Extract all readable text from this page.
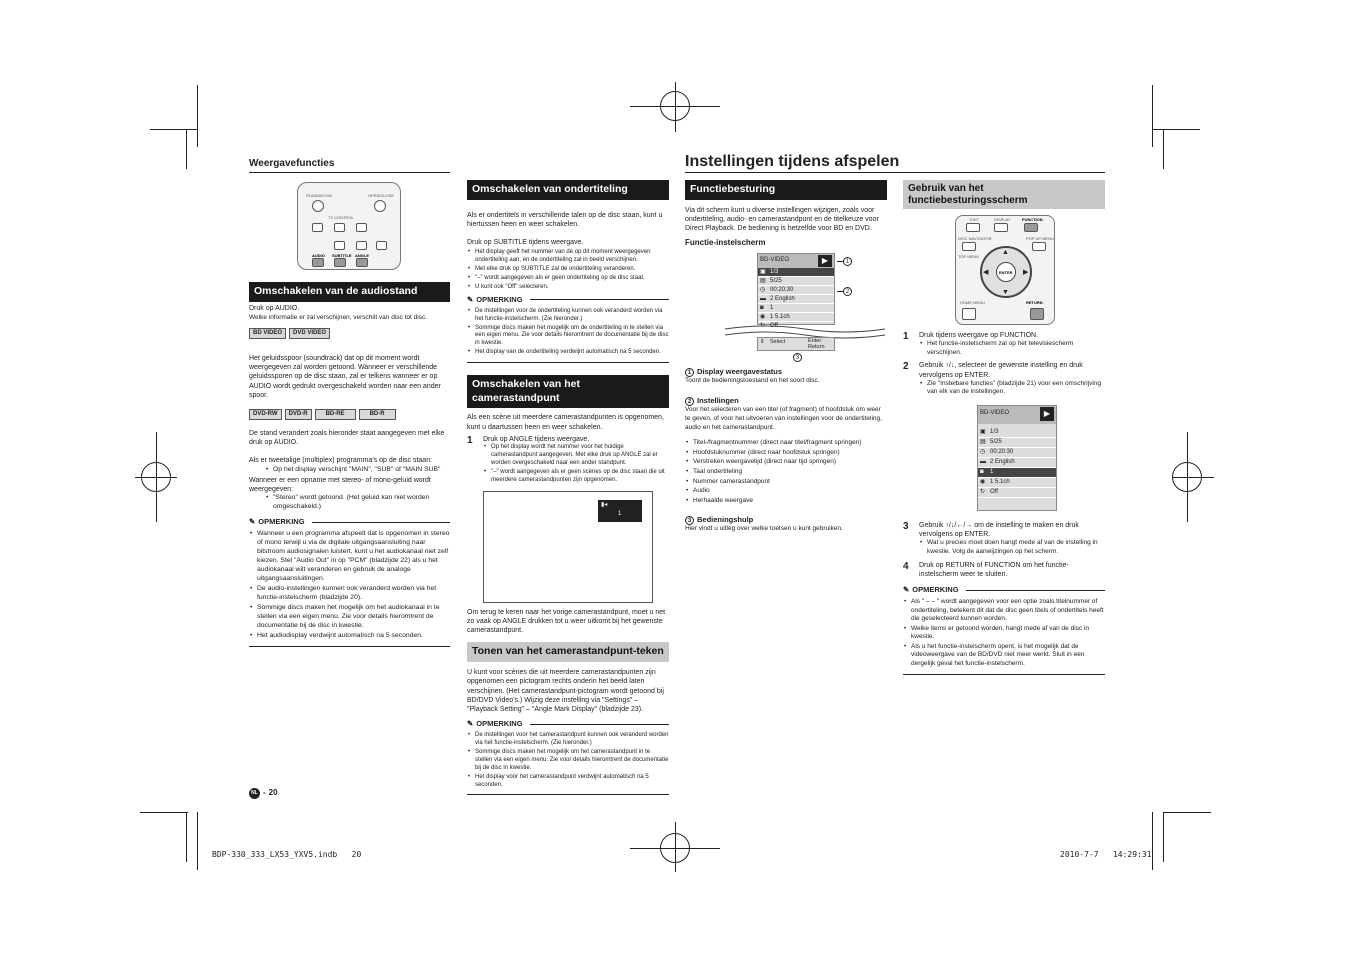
Weergavefuncties	Instellingen tijdens afspelen
STANDBY/ON	OPEN/CLOSE
TV CONTROL
AUDIO SUBTITLE ANGLE
Omschakelen van de audiostand

Druk op AUDIO.

Welke informatie er zal verschijnen, verschilt van disc tot disc.

BD VIDEO DVD VIDEO

Het geluidsspoor (soundtrack) dat op dit moment wordt weergegeven zal worden getoond. Wanneer er verschillende geluidssporen op de disc staan, zal er telkens wanneer er op AUDIO wordt gedrukt overgeschakeld worden naar een ander spoor.

DVD-RW DVD-R	BD-RE	BD-R

De stand verandert zoals hieronder staat aangegeven met elke druk op AUDIO.

Als er tweetalige (multiplex) programma's op de disc staan:

• Op het display verschijnt "MAIN", "SUB" of "MAIN SUB"

Wanneer er een opname met stereo- of mono-geluid wordt weergegeven:

• "Stereo" wordt getoond. (Het geluid kan niet worden omgeschakeld.)
✎ OPMERKING
• Wanneer u een programma afspeelt dat is opgenomen in stereo of mono terwijl u via de digitale uitgangsaansluiting naar bitstroom audiosignalen luistert, kunt u het audiokanaal niet zelf kiezen. Stel "Audio Out" in op "PCM" (bladzijde 22) als u het audiokanaal wilt veranderen en gebruik de analoge uitgangsaansluitingen.
• De audio-instellingen kunnen ook veranderd worden via het functie-instelscherm (bladzijde 20).
• Sommige discs maken het mogelijk om het audiokanaal in te stellen via een eigen menu. Zie voor details hieromtrent de documentatie bij de disc in kwestie.
• Het audiodisplay verdwijnt automatisch na 5 seconden.
NL - 20
Omschakelen van ondertiteling

Als er ondertitels in verschillende talen op de disc staan, kunt u hiertussen heen en weer schakelen.

Druk op SUBTITLE tijdens weergave.

• Het display geeft het nummer van de op dit moment weergegeven ondertiteling aan, en de ondertiteling zal in beeld verschijnen.
• Met elke druk op SUBTITLE zal de ondertiteling veranderen.
• "–" wordt aangegeven als er geen ondertiteling op de disc staat.
• U kunt ook "Off" selecteren.
✎ OPMERKING
• De instellingen voor de ondertiteling kunnen ook veranderd worden via het functie-instelscherm. (Zie hieronder.)
• Sommige discs maken het mogelijk om de ondertiteling in te stellen via een eigen menu. Zie voor details hieromtrent de documentatie bij de disc in kwestie.
• Het display van de ondertiteling verdwijnt automatisch na 5 seconden.
Omschakelen van het camerastandpunt

Als een scène uit meerdere camerastandpunten is opgenomen, kunt u daartussen heen en weer schakelen.

1 Druk op ANGLE tijdens weergave.
• Op het display wordt het nummer voor het huidige camerastandpunt aangegeven. Met elke druk op ANGLE zal er worden overgeschakeld naar een ander standpunt.
• "–" wordt aangegeven als er geen scènes op de disc staan die uit meerdere camerastandpunten zijn opgenomen.
▮◂
1

Om terug te keren naar het vorige camerastandpunt, moet u net zo vaak op ANGLE drukken tot u weer uitkomt bij het gewenste camerastandpunt.

Tonen van het camerastandpunt-teken

U kunt voor scènes die uit meerdere camerastandpunten zijn opgenomen een pictogram rechts onderin het beeld laten verschijnen. (Het camerastandpunt-pictogram wordt getoond bij BD/DVD Video's.) Wijzig deze instelling via "Settings" – "Playback Setting" – "Angle Mark Display" (bladzijde 23).

✎ OPMERKING
• De instellingen voor het camerastandpunt kunnen ook veranderd worden via het functie-instelscherm. (Zie hieronder.)
• Sommige discs maken het mogelijk om het camerastandpunt in te stellen via een eigen menu. Zie voor details hieromtrent de documentatie bij de disc in kwestie.
• Het display voor het camerastandpunt verdwijnt automatisch na 5 seconden.
Functiebesturing

Via dit scherm kunt u diverse instellingen wijzigen, zoals voor ondertiteling, audio- en camerastandpunt en de titelkeuze voor Direct Playback. De bediening is hetzelfde voor BD en DVD.

Functie-instelscherm
BD-VIDEO	▶
▣ 1/3
▤ 5/25
◷ 00:20:30
▬ 2 English
◙ 1
◉ 1 5.1ch
↻ Off
⇕ Select	Enter
Return
1
2
3
1 Display weergavestatus

Toont de bedieningstoestand en het soort disc.

2 Instellingen

Voor het selecteren van een titel (of fragment) of hoofdstuk om weer te geven, of voor het uitvoeren van instellingen voor de ondertiteling, audio en het camerastandpunt.

• Titel-/fragmentnummer (direct naar titel/fragment springen)
• Hoofdstuknummer (direct naar hoofdstuk springen)
• Verstreken weergavetijd (direct naar tijd springen)
• Taal ondertiteling
• Nummer camerastandpunt
• Audio
• Herhaalde weergave
3 Bedieningshulp

Hier vindt u uitleg over welke toetsen u kunt gebruiken.

Gebruik van het functiebesturingsscherm
EXIT	DISPLAY	FUNCTION
DISC NAVIGATOR	POP UP MENU
TOP MENU
▲
▼
◀	▶
ENTER
HOME MENU	RETURN
1 Druk tijdens weergave op FUNCTION.
• Het functie-instelscherm zal op het televisiescherm verschijnen.
2 Gebruik ↑/↓, selecteer de gewenste instelling en druk vervolgens op ENTER.
• Zie "Instelbare functies" (bladzijde 21) voor een omschrijving van elk van de instellingen.
BD-VIDEO	▶
▣ 1/3
▤ 5/25
◷ 00:20:30
▬ 2 English
◙ 1
◉ 1 5.1ch
↻ Off
3 Gebruik ↑/↓/←/→ om de instelling te maken en druk vervolgens op ENTER.
• Wat u precies moet doen hangt mede af van de instelling in kwestie. Volg de aanwijzingen op het scherm.
4 Druk op RETURN of FUNCTION om het functie-instelscherm weer te sluiten.
✎ OPMERKING
• Als " – – " wordt aangegeven voor een optie zoals titelnummer of ondertiteling, betekent dit dat de disc geen titels of ondertitels heeft die geselecteerd kunnen worden.
• Welke items er getoond worden, hangt mede af van de disc in kwestie.
• Als u het functie-instelscherm opent, is het mogelijk dat de videoweergave van de BD/DVD niet meer werkt. Sluit in een dergelijk geval het functie-instelscherm.
BDP-330_333_LX53_YXV5.indb   20	2010-7-7   14:29:31
